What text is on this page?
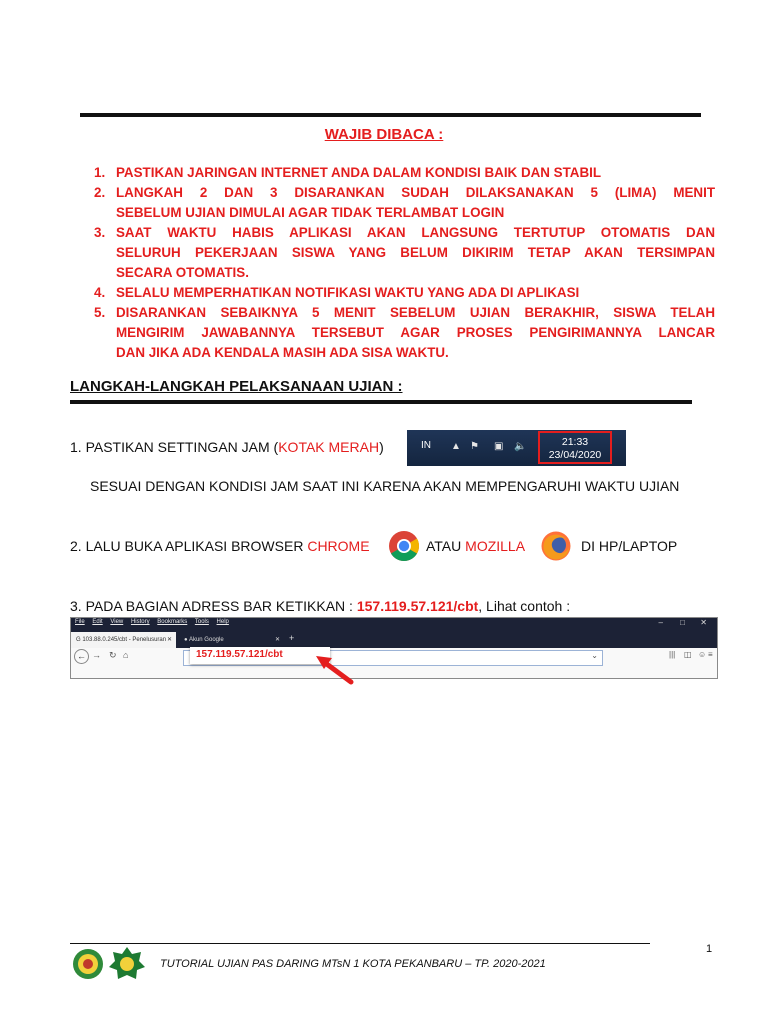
WAJIB DIBACA :
1. PASTIKAN JARINGAN INTERNET ANDA DALAM KONDISI BAIK DAN STABIL
2. LANGKAH 2 DAN 3 DISARANKAN SUDAH DILAKSANAKAN 5 (LIMA) MENIT
SEBELUM UJIAN DIMULAI AGAR TIDAK TERLAMBAT LOGIN
3. SAAT WAKTU HABIS APLIKASI AKAN LANGSUNG TERTUTUP OTOMATIS DAN
SELURUH PEKERJAAN SISWA YANG BELUM DIKIRIM TETAP AKAN TERSIMPAN
SECARA OTOMATIS.
4. SELALU MEMPERHATIKAN NOTIFIKASI WAKTU YANG ADA DI APLIKASI
5. DISARANKAN SEBAIKNYA 5 MENIT SEBELUM UJIAN BERAKHIR, SISWA TELAH
MENGIRIM JAWABANNYA TERSEBUT AGAR PROSES PENGIRIMANNYA LANCAR
DAN JIKA ADA KENDALA MASIH ADA SISA WAKTU.
LANGKAH-LANGKAH PELAKSANAAN UJIAN :
1. PASTIKAN SETTINGAN JAM (KOTAK MERAH)	IN ▲ ⚑ ▣ 🔈	21:33
23/04/2020
SESUAI DENGAN KONDISI JAM SAAT INI KARENA AKAN MEMPENGARUHI WAKTU UJIAN
2. LALU BUKA APLIKASI BROWSER CHROME	ATAU MOZILLA	DI HP/LAPTOP
3. PADA BAGIAN ADRESS BAR KETIKKAN : 157.119.57.121/cbt, Lihat contoh :
File Edit View History Bookmarks Tools Help	– □ ✕
G 103.88.0.245/cbt - Penelusuran ✕	● Akun Google	✕ +
← → ↻ ⌂	⌄	||| ◫ ☺ ≡
157.119.57.121/cbt
1
TUTORIAL UJIAN PAS DARING MTsN 1 KOTA PEKANBARU – TP. 2020-2021
